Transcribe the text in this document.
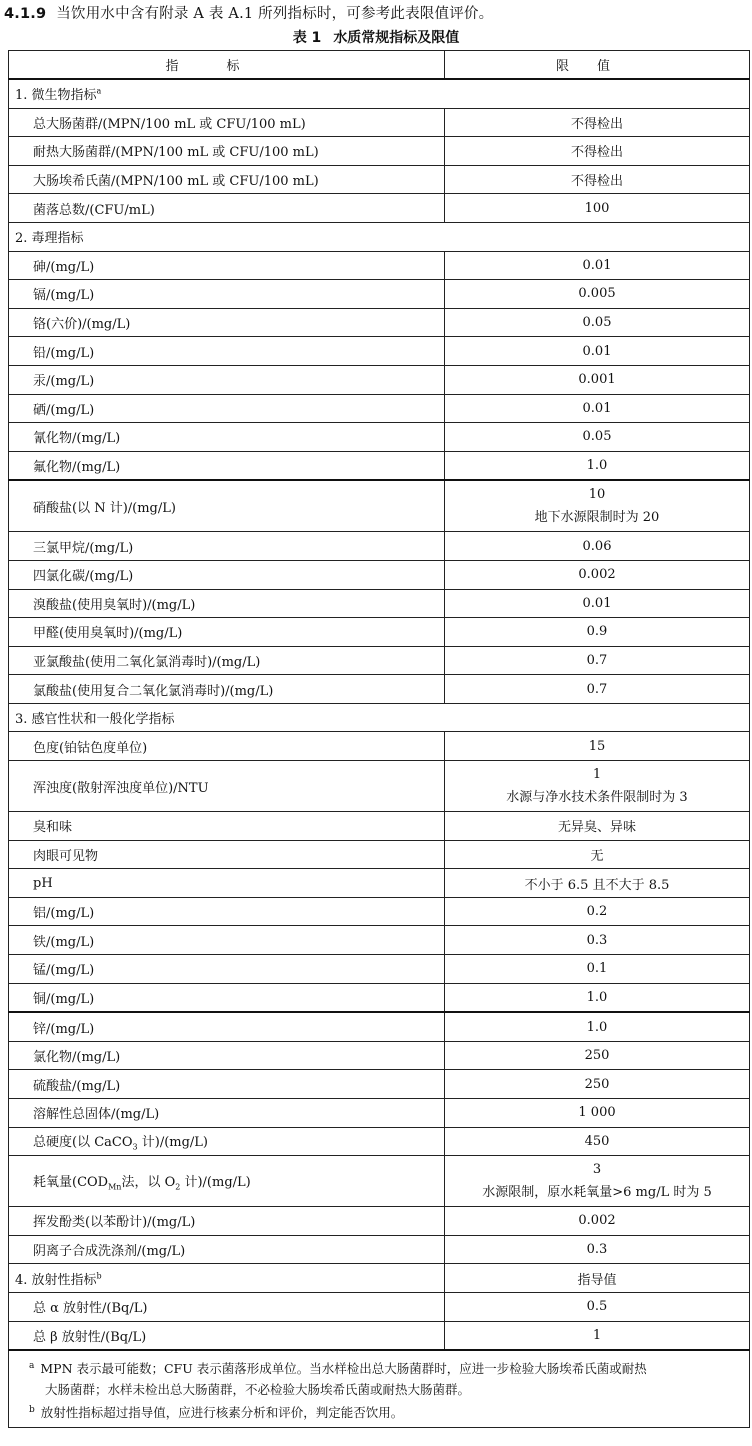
4.1.9 当饮用水中含有附录 A 表 A.1 所列指标时，可参考此表限值评价。
表 1 水质常规指标及限值
指标	限值
1. 微生物指标$^a$
总大肠菌群/(MPN/100 mL 或 CFU/100 mL)	不得检出
耐热大肠菌群/(MPN/100 mL 或 CFU/100 mL)	不得检出
大肠埃希氏菌/(MPN/100 mL 或 CFU/100 mL)	不得检出
菌落总数/(CFU/mL)	100
2. 毒理指标	
砷/(mg/L)	0.01
镉/(mg/L)	0.005
铬(六价)/(mg/L)	0.05
铅/(mg/L)	0.01
汞/(mg/L)	0.001
硒/(mg/L)	0.01
氰化物/(mg/L)	0.05
氟化物/(mg/L)	1.0
硝酸盐(以 N 计)/(mg/L)	10
地下水源限制时为 20

三氯甲烷/(mg/L)	0.06
四氯化碳/(mg/L)	0.002
溴酸盐(使用臭氧时)/(mg/L)	0.01
甲醛(使用臭氧时)/(mg/L)	0.9
亚氯酸盐(使用二氧化氯消毒时)/(mg/L)	0.7
氯酸盐(使用复合二氧化氯消毒时)/(mg/L)	0.7
3. 感官性状和一般化学指标	
色度(铂钴色度单位)	15
浑浊度(散射浑浊度单位)/NTU	1
水源与净水技术条件限制时为 3

臭和味	无异臭、异味
肉眼可见物	无
pH	不小于 6.5 且不大于 8.5
铝/(mg/L)	0.2
铁/(mg/L)	0.3
锰/(mg/L)	0.1
铜/(mg/L)	1.0
锌/(mg/L)	1.0
氯化物/(mg/L)	250
硫酸盐/(mg/L)	250
溶解性总固体/(mg/L)	1 000
总硬度(以 CaCO$_3$ 计)/(mg/L)	450
耗氧量($COD_{Mn}$法，以 $O_2$ 计)/(mg/L)	3
水源限制，原水耗氧量>6 mg/L 时为 5

挥发酚类(以苯酚计)/(mg/L)	0.002
阴离子合成洗涤剂/(mg/L)	0.3
4. 放射性指标$^b$	指导值
总 α 放射性/(Bq/L)	0.5
总 β 放射性/(Bq/L)	1

$^a$ MPN 表示最可能数；CFU 表示菌落形成单位。当水样检出总大肠菌群时，应进一步检验大肠埃希氏菌或耐热
大肠菌群；水样未检出总大肠菌群，不必检验大肠埃希氏菌或耐热大肠菌群。
$^b$ 放射性指标超过指导值，应进行核素分析和评价，判定能否饮用。	
